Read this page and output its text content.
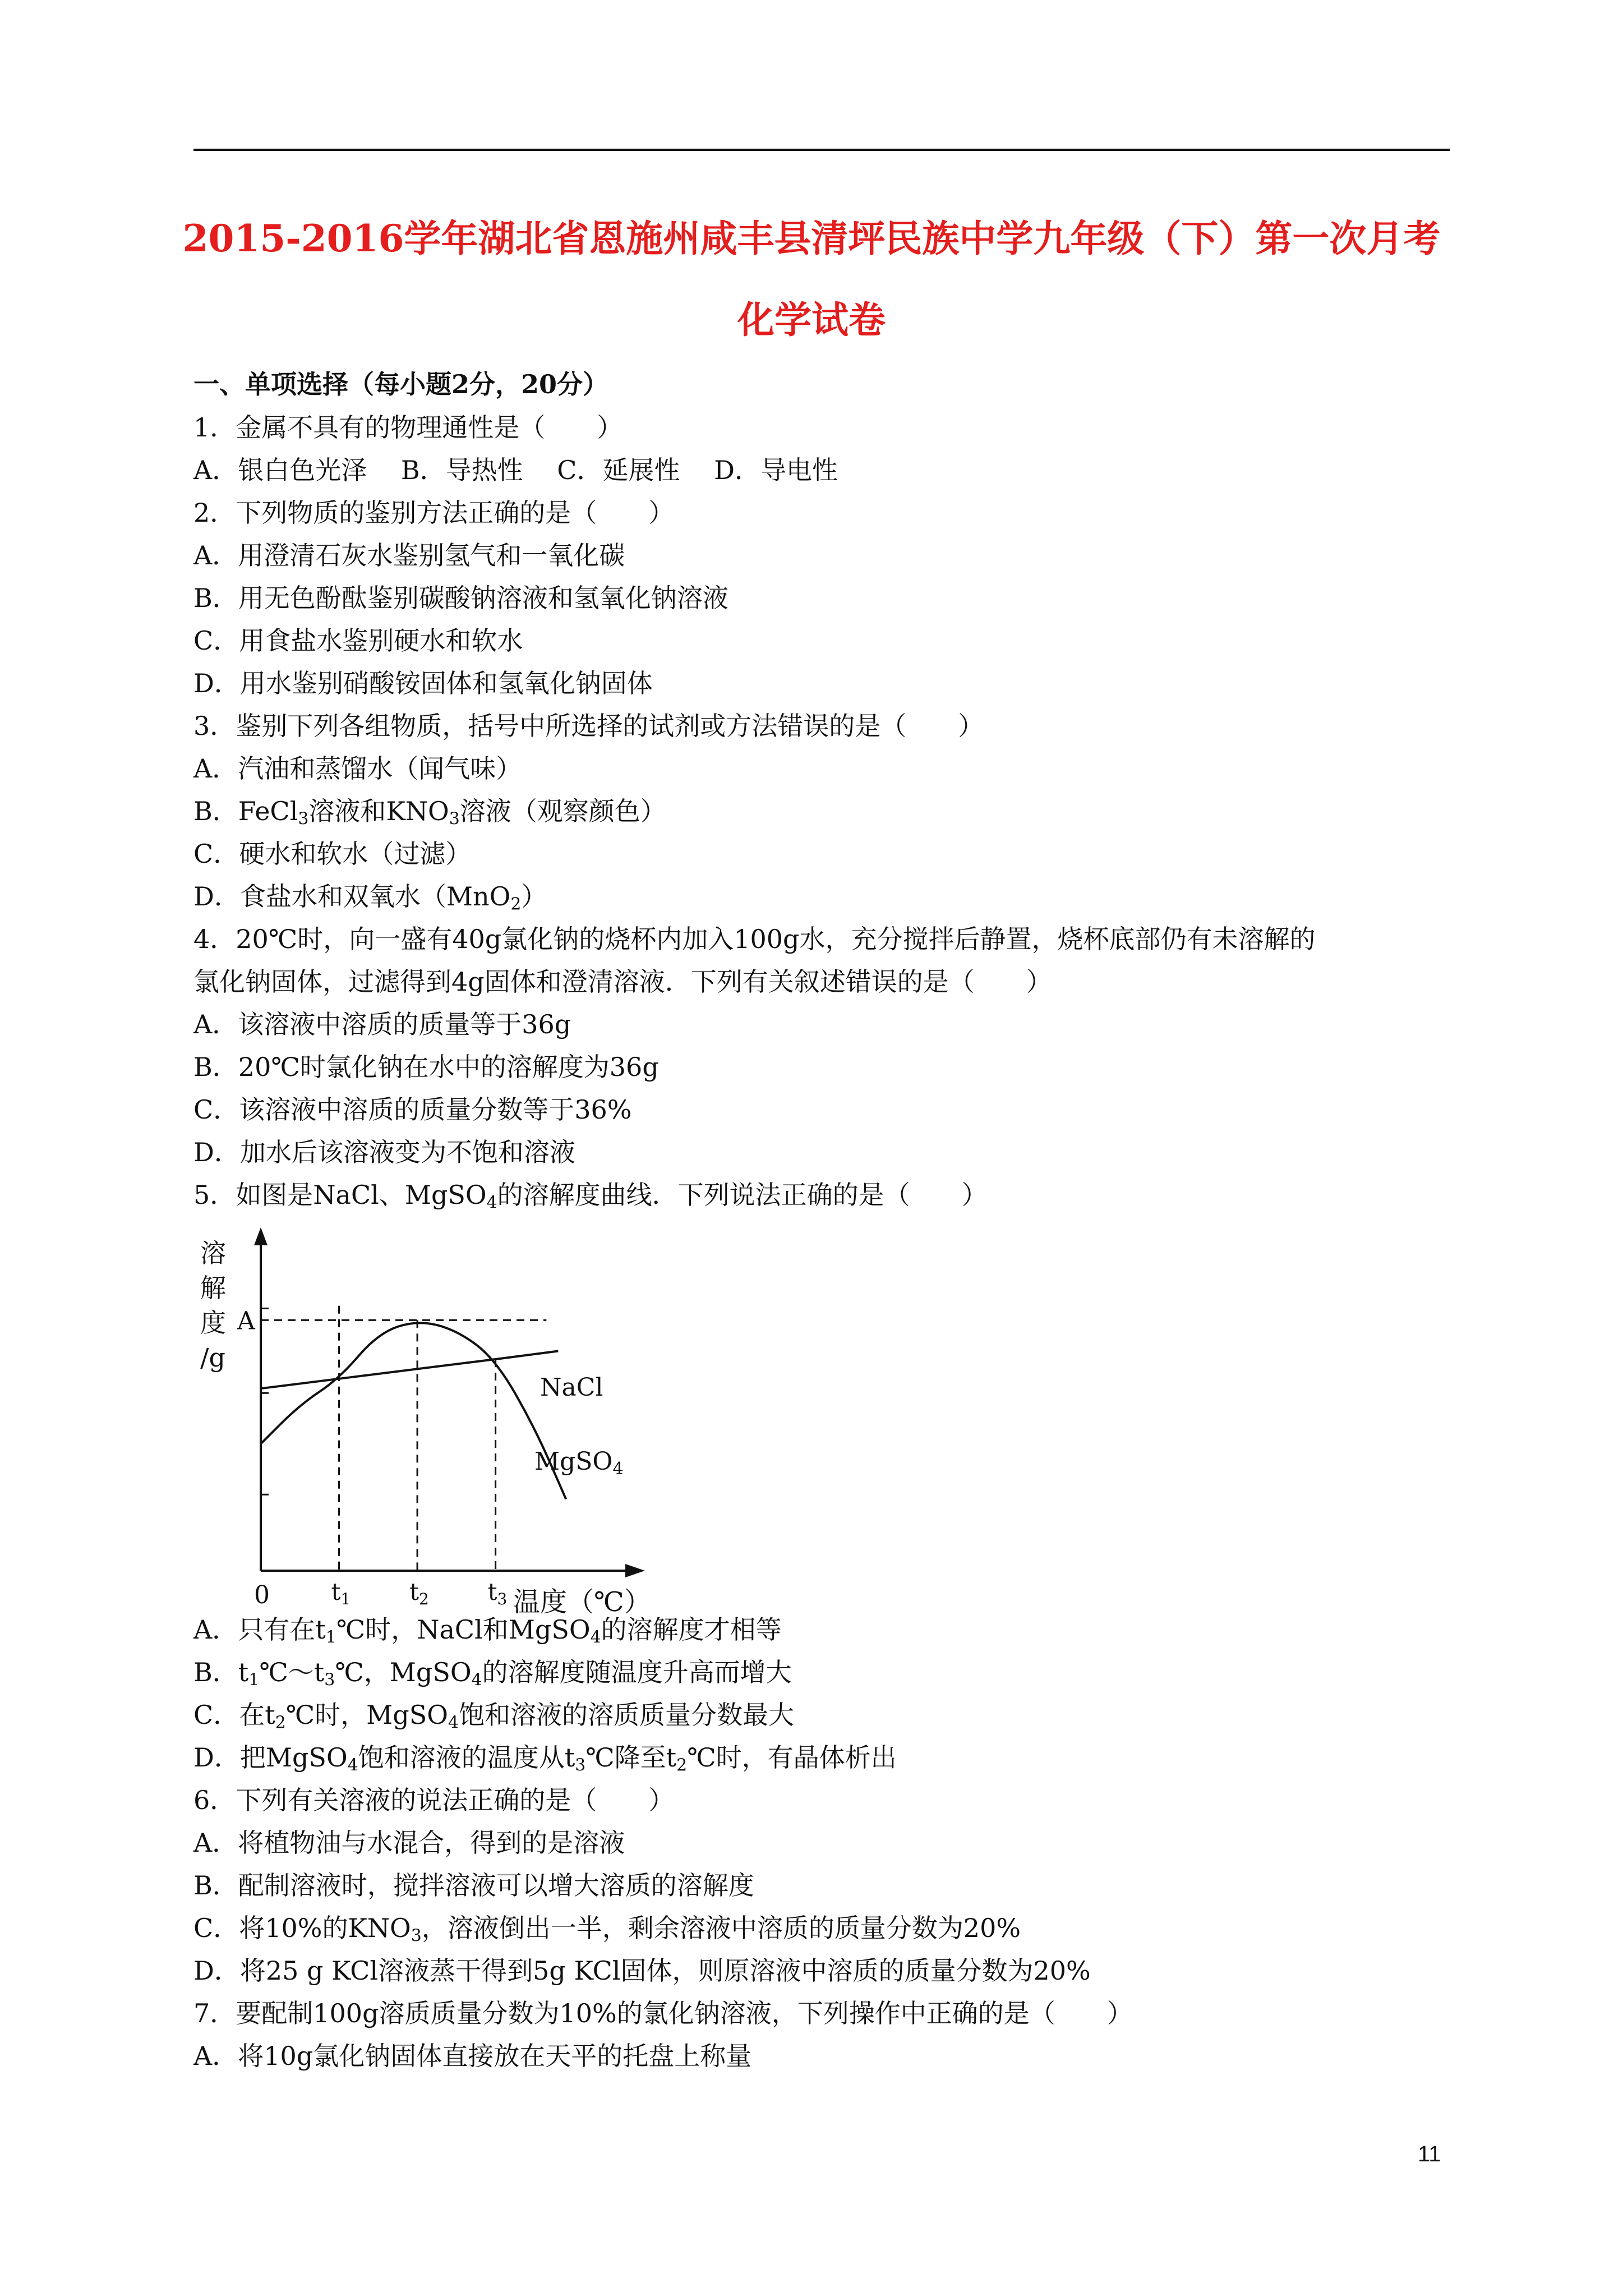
2015-2016学年湖北省恩施州咸丰县清坪民族中学九年级（下）第一次月考
化学试卷
一、单项选择（每小题2分，20分）
1．金属不具有的物理通性是（　　）
A．银白色光泽　 B．导热性　 C．延展性　 D．导电性
2．下列物质的鉴别方法正确的是（　　）
A．用澄清石灰水鉴别氢气和一氧化碳
B．用无色酚酞鉴别碳酸钠溶液和氢氧化钠溶液
C．用食盐水鉴别硬水和软水
D．用水鉴别硝酸铵固体和氢氧化钠固体
3．鉴别下列各组物质，括号中所选择的试剂或方法错误的是（　　）
A．汽油和蒸馏水（闻气味）
B．FeCl$_3$溶液和$KNO_3$溶液（观察颜色）
C．硬水和软水（过滤）
D．食盐水和双氧水（MnO$_2$）
4．20℃时，向一盛有40g氯化钠的烧杯内加入100g水，充分搅拌后静置，烧杯底部仍有未溶解的
氯化钠固体，过滤得到4g固体和澄清溶液．下列有关叙述错误的是（　　）
A．该溶液中溶质的质量等于36g
B．20℃时氯化钠在水中的溶解度为36g
C．该溶液中溶质的质量分数等于36%
D．加水后该溶液变为不饱和溶液
5．如图是NaCl、MgSO$_4$的溶解度曲线．下列说法正确的是（　　）
溶
解
度
/g
A
0	t1 t2 t3 温度（℃）
NaCl
MgSO4
A．只有在$t_1℃$时，NaCl和MgSO$_4$的溶解度才相等
B．$t_1℃\sim t_3℃$，MgSO$_4$的溶解度随温度升高而增大
C．在$t_2℃$时，MgSO$_4$饱和溶液的溶质质量分数最大
D．把MgSO$_4$饱和溶液的温度从$t_3℃$降至$t_2℃$时，有晶体析出
6．下列有关溶液的说法正确的是（　　）
A．将植物油与水混合，得到的是溶液
B．配制溶液时，搅拌溶液可以增大溶质的溶解度
C．将10%的$KNO_3$，溶液倒出一半，剩余溶液中溶质的质量分数为20%
D．将25 g KCl溶液蒸干得到5g KCl固体，则原溶液中溶质的质量分数为20%
7．要配制100g溶质质量分数为10%的氯化钠溶液，下列操作中正确的是（　　）
A．将10g氯化钠固体直接放在天平的托盘上称量
11
